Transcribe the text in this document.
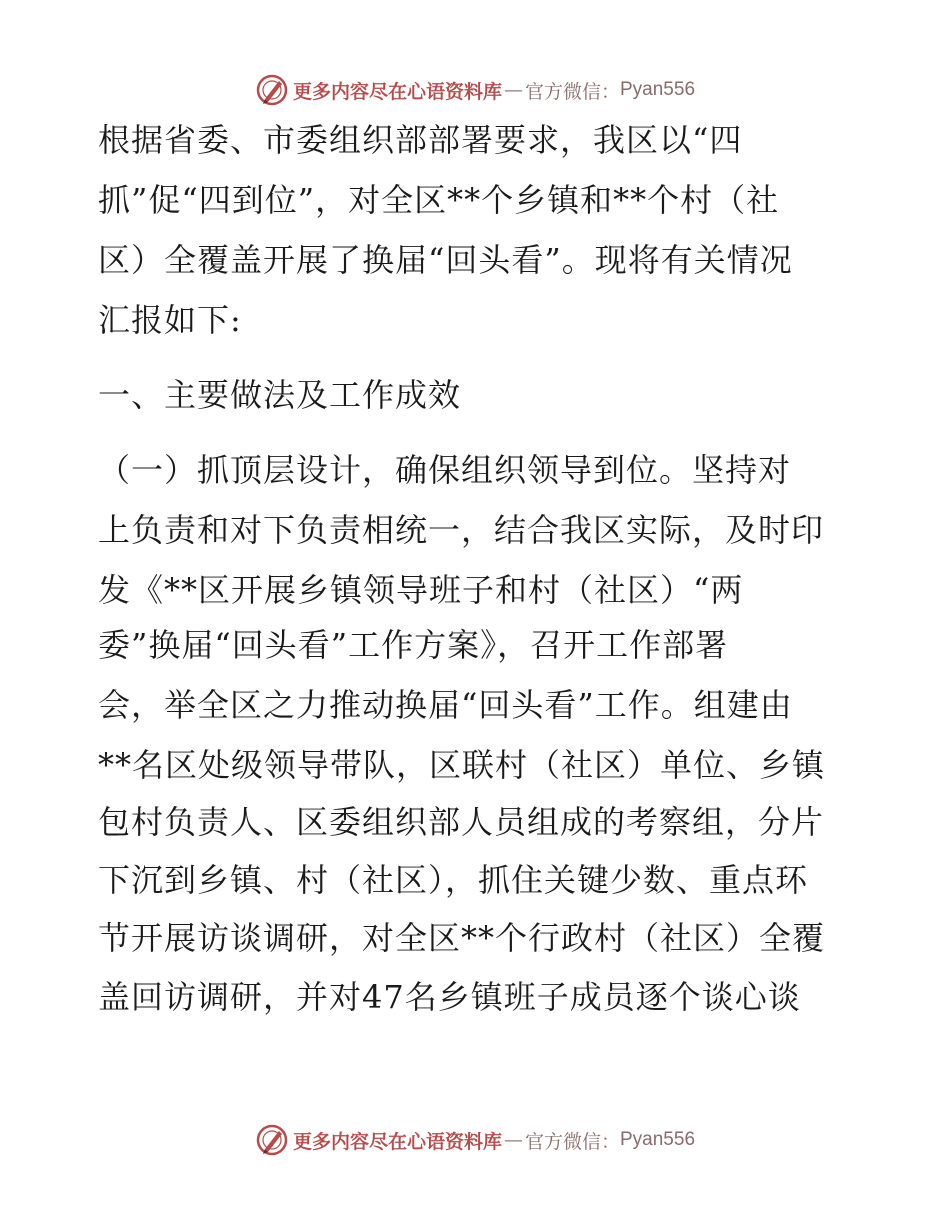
更多内容尽在心语资料库 — 官方微信： Pyan556
根据省委、市委组织部部署要求，我区以“四
抓”促“四到位”，对全区**个乡镇和**个村（社
区）全覆盖开展了换届“回头看”。现将有关情况
汇报如下:
一、主要做法及工作成效
（一）抓顶层设计，确保组织领导到位。坚持对
上负责和对下负责相统一，结合我区实际，及时印
发《**区开展乡镇领导班子和村（社区）“两
委”换届“回头看”工作方案》，召开工作部署
会，举全区之力推动换届“回头看”工作。组建由
**名区处级领导带队，区联村（社区）单位、乡镇
包村负责人、区委组织部人员组成的考察组，分片
下沉到乡镇、村（社区），抓住关键少数、重点环
节开展访谈调研，对全区**个行政村（社区）全覆
盖回访调研，并对47名乡镇班子成员逐个谈心谈
更多内容尽在心语资料库 — 官方微信： Pyan556
